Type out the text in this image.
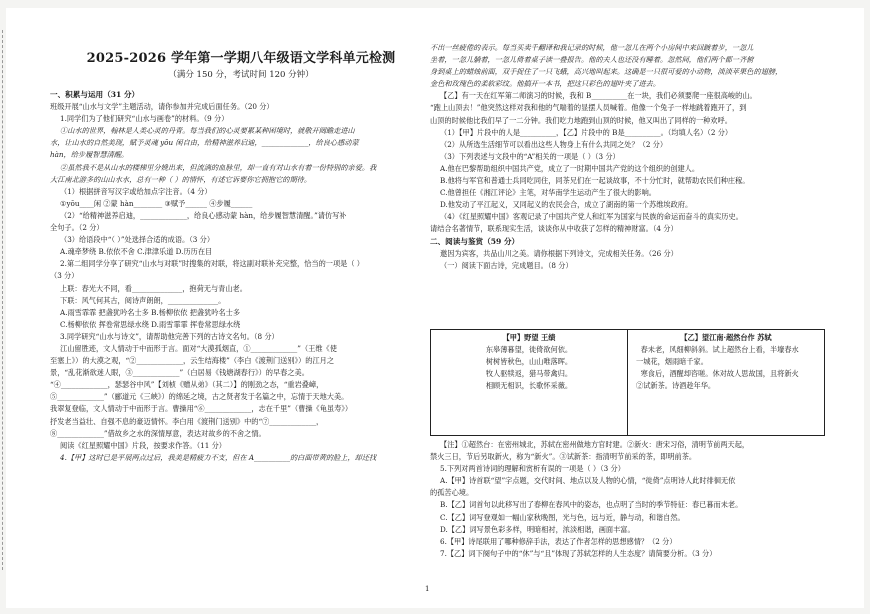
2025-2026 学年第一学期八年级语文学科单元检测
（满分 150 分，考试时间 120 分钟）
一、积累与运用（31 分）
班级开展“山水与文学”主题活动，请你参加并完成后面任务。（20 分）
1.同学们为了他们研究“山水与画卷”的材料。（9 分）
①山水的世界，翰林是人类心灵的丹青。每当我们的心灵要累某种困境时，就敬开阔瞻走进山
水，让山水的自然美现，赋予灵魂 yōu 闲自由，给精神滋养启迪，_____________，给良心感动蒙
hàn，给步履智慧清醒。
②虽然我不是从山水的楼梯里分娩出来，但流淌的血脉里，却一直有对山水有着一份特别的亲爱。我
大江南北游多的山山水水，总有一种（ ）的情怀，有述它诉要你它拥抱它的期待。
（1）根据拼音写汉字或给加点字注音。（4 分）
①yōu____闲 ②蒙 hàn________ ③赋予______ ④步履______
（2）“给精神滋养启迪，_____________，给良心感动蒙 hàn，给步履智慧清醒。”请仿写补
全句子。（2 分）
（3）给语段中“（ ）”处选择合适的成语。（3 分）
A.魂牵梦绕 B.依依不舍 C.津津乐道 D.历历在目
2.第二组同学分享了研究“山水与对联”时搜集的对联，将这副对联补充完整，恰当的一项是（ ）
（3 分）
上联：春光大不同，看______________，抱荷无与青山老。
下联：风气何其古，阅诗声朗朗，______________。
A.雨雪霏霏 把盏犹吟名士多 B.杨柳依依 把盏犹吟名士多
C.杨柳依依 挥卷常思绿水绕 D.雨雪霏霏 挥卷常思绿水绕
3.同学研究“山水与诗文”，请帮助他完善下列的古诗文名句。（8 分）
江山留胜迹，文人情动于中而形于言。面对“大漠孤烟直，①_____________”（王维《使
至塞上》）的大漠之观，“②_____________，云生结海楼”（李白《渡荆门送别》）的江月之
景，“乱花渐欲迷人眼，③_____________”（白居易《钱塘湖春行》）的早春之美。
“④_____________，瑟瑟谷中风”【刘桢《赠从弟》（其二）】的刚劲之态，“重岩叠嶂，
⑤_____________”（郦道元《三峡》）的绵延之境，古之贤者发于名篇之中，忘情于天地大美。
我翠复登临，文人情动于中而形于言。曹操用“⑥_____________，志在千里”（曹操《龟虽寿》）
抒发老当益壮、自强不息的豪迈情怀。李白用《渡荆门送别》中的“⑦_____________，
⑧_____________”借故乡之水的深情厚意，表达对故乡的不舍之情。
阅读《红星照耀中国》片段，按要求作答。（11 分）
4.【甲】这时已是平展两点过后，我美是精疲力不支，但在 A__________的白面带黄的脸上，却还找
不出一丝疲倦的表示。每当买卖千翻译和我记录的时候，他一忽儿在两个小房间中来回踱着步，一忽儿
坐着，一忽儿躺着，一忽儿倚着桌子读一叠报告。他的夫人也还没有睡着。忽然间，他们两个都一齐俯
身到桌上的蜡烛前面，双手捉住了一只飞蛾，高兴地叫起来。这确是一只很可爱的小动物，淡淡苹果色的翅膀，
金色和玫瑰色的柔软彩纹。他搞开一本书，把这只彩色的翅叶夹了进去。
【乙】有一天在红军第二师演习的时候，我和 B__________在一块，我们必须要爬一座很高峻的山。
“跑上山顶去！”他突然这样对我和他的气喘着的显摆人员喊着。他像一个兔子一样地跳着跑开了，到
山顶的时候他比我们早了一二分钟。我们吃力地跑到山顶的时候，他又叫出了同样的一种欢呼。
（1）【甲】片段中的人是__________，【乙】片段中的 B是__________。（均填人名）（2 分）
（2）从所选生活细节可以看出这些人物身上有什么共同之处？（2 分）
（3）下列表述与文段中的“A”相关的一项是（ ）（3 分）
A.他在巴黎帮助组织中国共产党，成立了一时期中国共产党的这个组织的创建人。
B.他将与军官和普通士兵同吃同住，同茶兄们在一起谈故事，不十分忙时，就帮助农民们种庄稼。
C.他曾担任《湘江评论》主笔，对华南学生运动产生了很大的影响。
D.他发动了平江起义，又同起义的农民会合，成立了湖南的第一个苏维埃政府。
（4）《红星照耀中国》客观记录了中国共产党人和红军为国家与民族的命运而奋斗的真实历史。
请结合名著情节，联系现实生活，谈谈你从中收获了怎样的精神财富。（4 分）
二、阅读与鉴赏（59 分）
邀因为宾客，共品山川之美。请你根据下列诗文，完成相关任务。（26 分）
（一）阅读下面古诗，完成题目。（8 分）
【甲】野望 王绩
东皋薄暮望，徙倚欲何依。
树树皆秋色，山山唯落晖。
牧人驱犊返，猎马带禽归。
相顾无相识，长歌怀采薇。
【乙】望江南·超然台作 苏轼
春未老，风细柳斜斜。试上超然台上看，半壕春水
一城花，烟雨暗千家。
寒食后，酒醒却咨嗟。休对故人思故国，且将新火
②试新茶。诗酒趁年华。
【注】①超然台：在密州城北，苏轼在密州做地方官时建。②新火：唐宋习俗，清明节前两天起，
禁火三日，节后另取新火，称为“新火”。③试新茶：指清明节前采的茶，即明前茶。
5.下列对两首诗词的理解和赏析有误的一项是（ ）（3 分）
A.【甲】诗首联“望”字点题，交代时间、地点以及人物的心情，“徙倚”点明诗人此时徘徊无依
的孤苦心境。
B.【乙】词首句以此移写出了春柳在春风中的姿态，也点明了当时的季节特征：春已暮而未老。
C.【乙】词写登观如一幅山家秋晚图，光与色，远与近，静与动，和谐自然。
D.【乙】词写景色彩多样，明暗相衬，浓淡相谐，画面丰富。
6.【甲】诗尾联用了哪种修辞手法，表达了作者怎样的思想感情？（2 分）
7.【乙】词下阕句子中的“休”与“且”体现了苏轼怎样的人生态度？请简要分析。（3 分）
1
